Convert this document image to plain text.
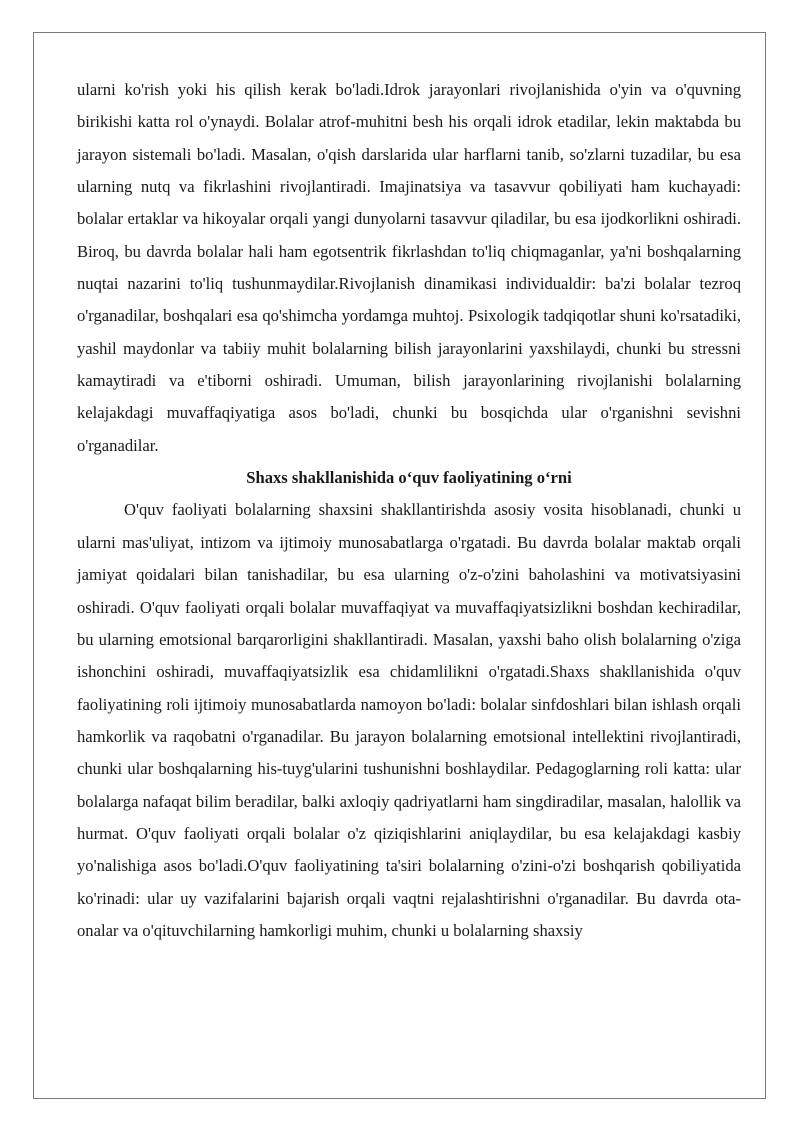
ularni ko'rish yoki his qilish kerak bo'ladi.Idrok jarayonlari rivojlanishida o'yin va o'quvning birikishi katta rol o'ynaydi. Bolalar atrof-muhitni besh his orqali idrok etadilar, lekin maktabda bu jarayon sistemali bo'ladi. Masalan, o'qish darslarida ular harflarni tanib, so'zlarni tuzadilar, bu esa ularning nutq va fikrlashini rivojlantiradi. Imajinatsiya va tasavvur qobiliyati ham kuchayadi: bolalar ertaklar va hikoyalar orqali yangi dunyolarni tasavvur qiladilar, bu esa ijodkorlikni oshiradi. Biroq, bu davrda bolalar hali ham egotsentrik fikrlashdan to'liq chiqmaganlar, ya'ni boshqalarning nuqtai nazarini to'liq tushunmaydilar.Rivojlanish dinamikasi individualdir: ba'zi bolalar tezroq o'rganadilar, boshqalari esa qo'shimcha yordamga muhtoj. Psixologik tadqiqotlar shuni ko'rsatadiki, yashil maydonlar va tabiiy muhit bolalarning bilish jarayonlarini yaxshilaydi, chunki bu stressni kamaytiradi va e'tiborni oshiradi. Umuman, bilish jarayonlarining rivojlanishi bolalarning kelajakdagi muvaffaqiyatiga asos bo'ladi, chunki bu bosqichda ular o'rganishni sevishni o'rganadilar.

Shaxs shakllanishida o‘quv faoliyatining o‘rni

O'quv faoliyati bolalarning shaxsini shakllantirishda asosiy vosita hisoblanadi, chunki u ularni mas'uliyat, intizom va ijtimoiy munosabatlarga o'rgatadi. Bu davrda bolalar maktab orqali jamiyat qoidalari bilan tanishadilar, bu esa ularning o'z-o'zini baholashini va motivatsiyasini oshiradi. O'quv faoliyati orqali bolalar muvaffaqiyat va muvaffaqiyatsizlikni boshdan kechiradilar, bu ularning emotsional barqarorligini shakllantiradi. Masalan, yaxshi baho olish bolalarning o'ziga ishonchini oshiradi, muvaffaqiyatsizlik esa chidamlilikni o'rgatadi.Shaxs shakllanishida o'quv faoliyatining roli ijtimoiy munosabatlarda namoyon bo'ladi: bolalar sinfdoshlari bilan ishlash orqali hamkorlik va raqobatni o'rganadilar. Bu jarayon bolalarning emotsional intellektini rivojlantiradi, chunki ular boshqalarning his-tuyg'ularini tushunishni boshlaydilar. Pedagoglarning roli katta: ular bolalarga nafaqat bilim beradilar, balki axloqiy qadriyatlarni ham singdiradilar, masalan, halollik va hurmat. O'quv faoliyati orqali bolalar o'z qiziqishlarini aniqlaydilar, bu esa kelajakdagi kasbiy yo'nalishiga asos bo'ladi.O'quv faoliyatining ta'siri bolalarning o'zini-o'zi boshqarish qobiliyatida ko'rinadi: ular uy vazifalarini bajarish orqali vaqtni rejalashtirishni o'rganadilar. Bu davrda ota-onalar va o'qituvchilarning hamkorligi muhim, chunki u bolalarning shaxsiy
